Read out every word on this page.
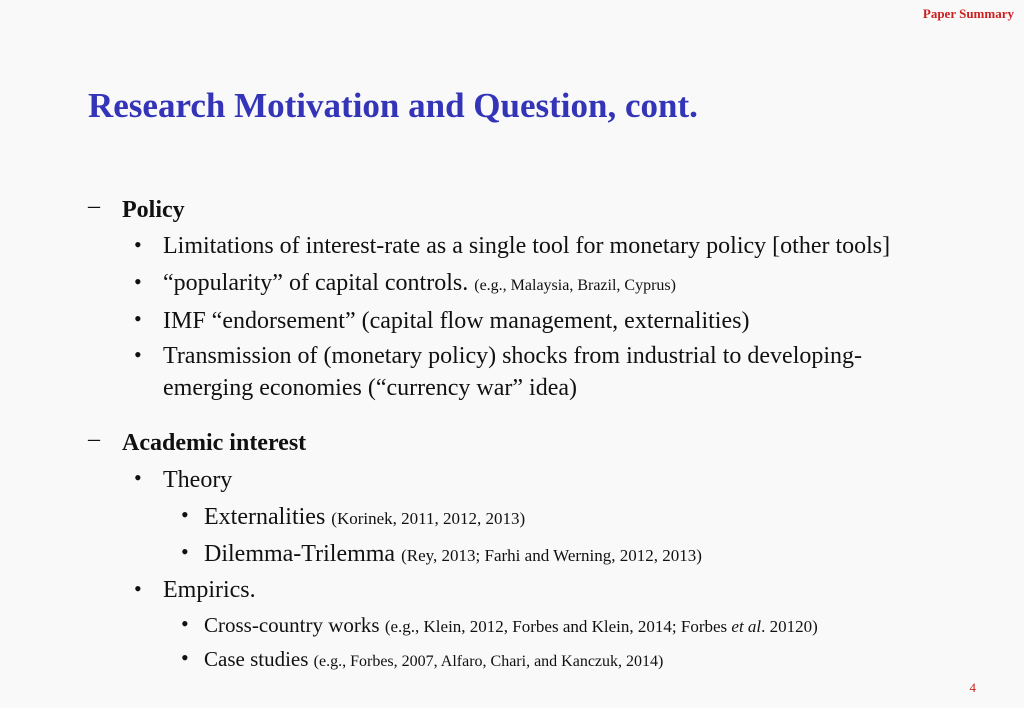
Paper Summary
Research Motivation and Question, cont.
– Policy
• Limitations of interest-rate as a single tool for monetary policy [other tools]
• “popularity” of capital controls. (e.g., Malaysia, Brazil, Cyprus)
• IMF “endorsement” (capital flow management, externalities)
• Transmission of (monetary policy) shocks from industrial to developing-
emerging economies (“currency war” idea)
– Academic interest
• Theory
• Externalities (Korinek, 2011, 2012, 2013)
• Dilemma-Trilemma (Rey, 2013; Farhi and Werning, 2012, 2013)
• Empirics.
• Cross-country works (e.g., Klein, 2012, Forbes and Klein, 2014; Forbes et al. 20120)
• Case studies (e.g., Forbes, 2007, Alfaro, Chari, and Kanczuk, 2014)
4
